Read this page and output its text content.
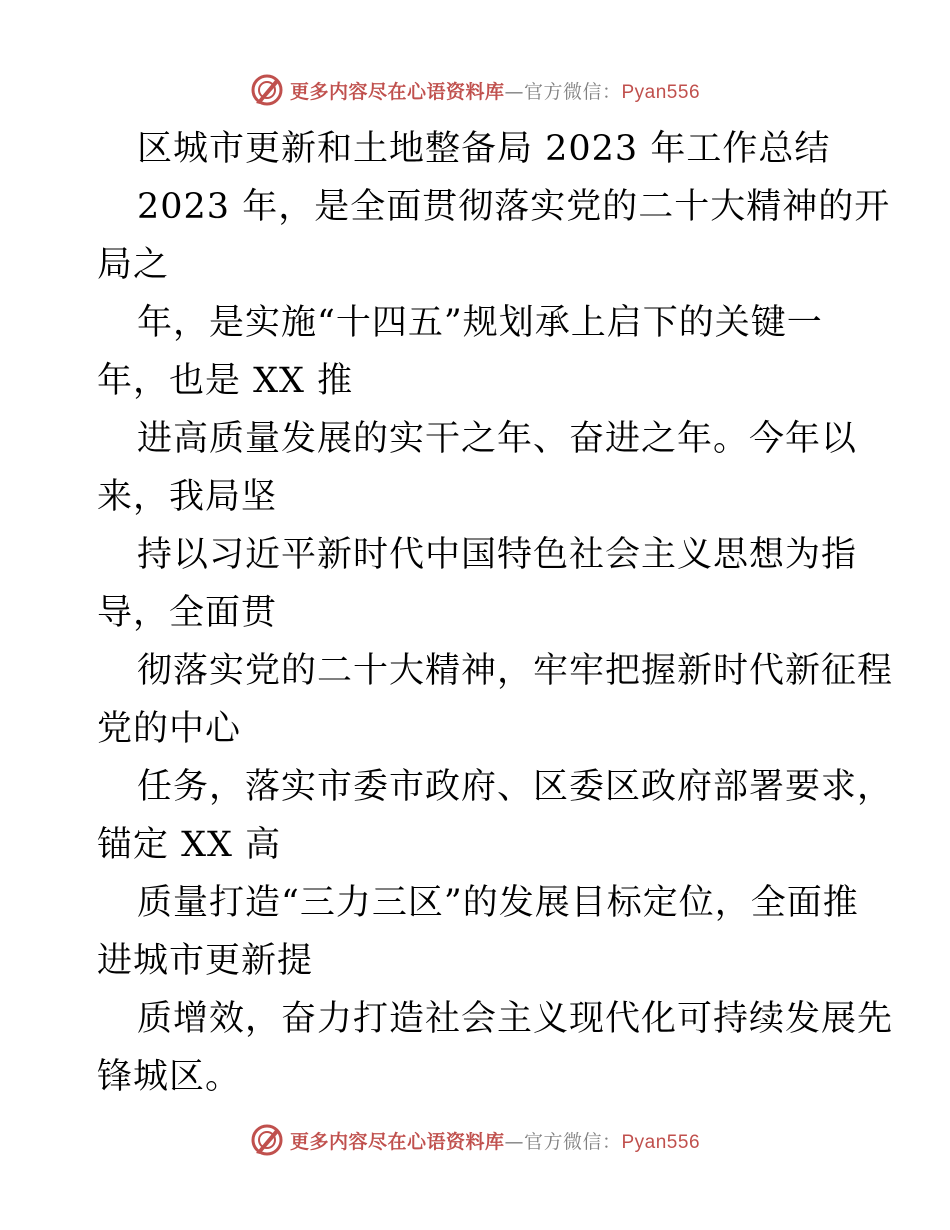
更多内容尽在心语资料库—官方微信：Pyan556
区城市更新和土地整备局 2023 年工作总结
2023 年，是全面贯彻落实党的二十大精神的开
局之
年，是实施“十四五”规划承上启下的关键一
年，也是 XX 推
进高质量发展的实干之年、奋进之年。今年以
来，我局坚
持以习近平新时代中国特色社会主义思想为指
导，全面贯
彻落实党的二十大精神，牢牢把握新时代新征程
党的中心
任务，落实市委市政府、区委区政府部署要求，
锚定 XX 高
质量打造“三力三区”的发展目标定位，全面推
进城市更新提
质增效，奋力打造社会主义现代化可持续发展先
锋城区。
更多内容尽在心语资料库—官方微信：Pyan556
